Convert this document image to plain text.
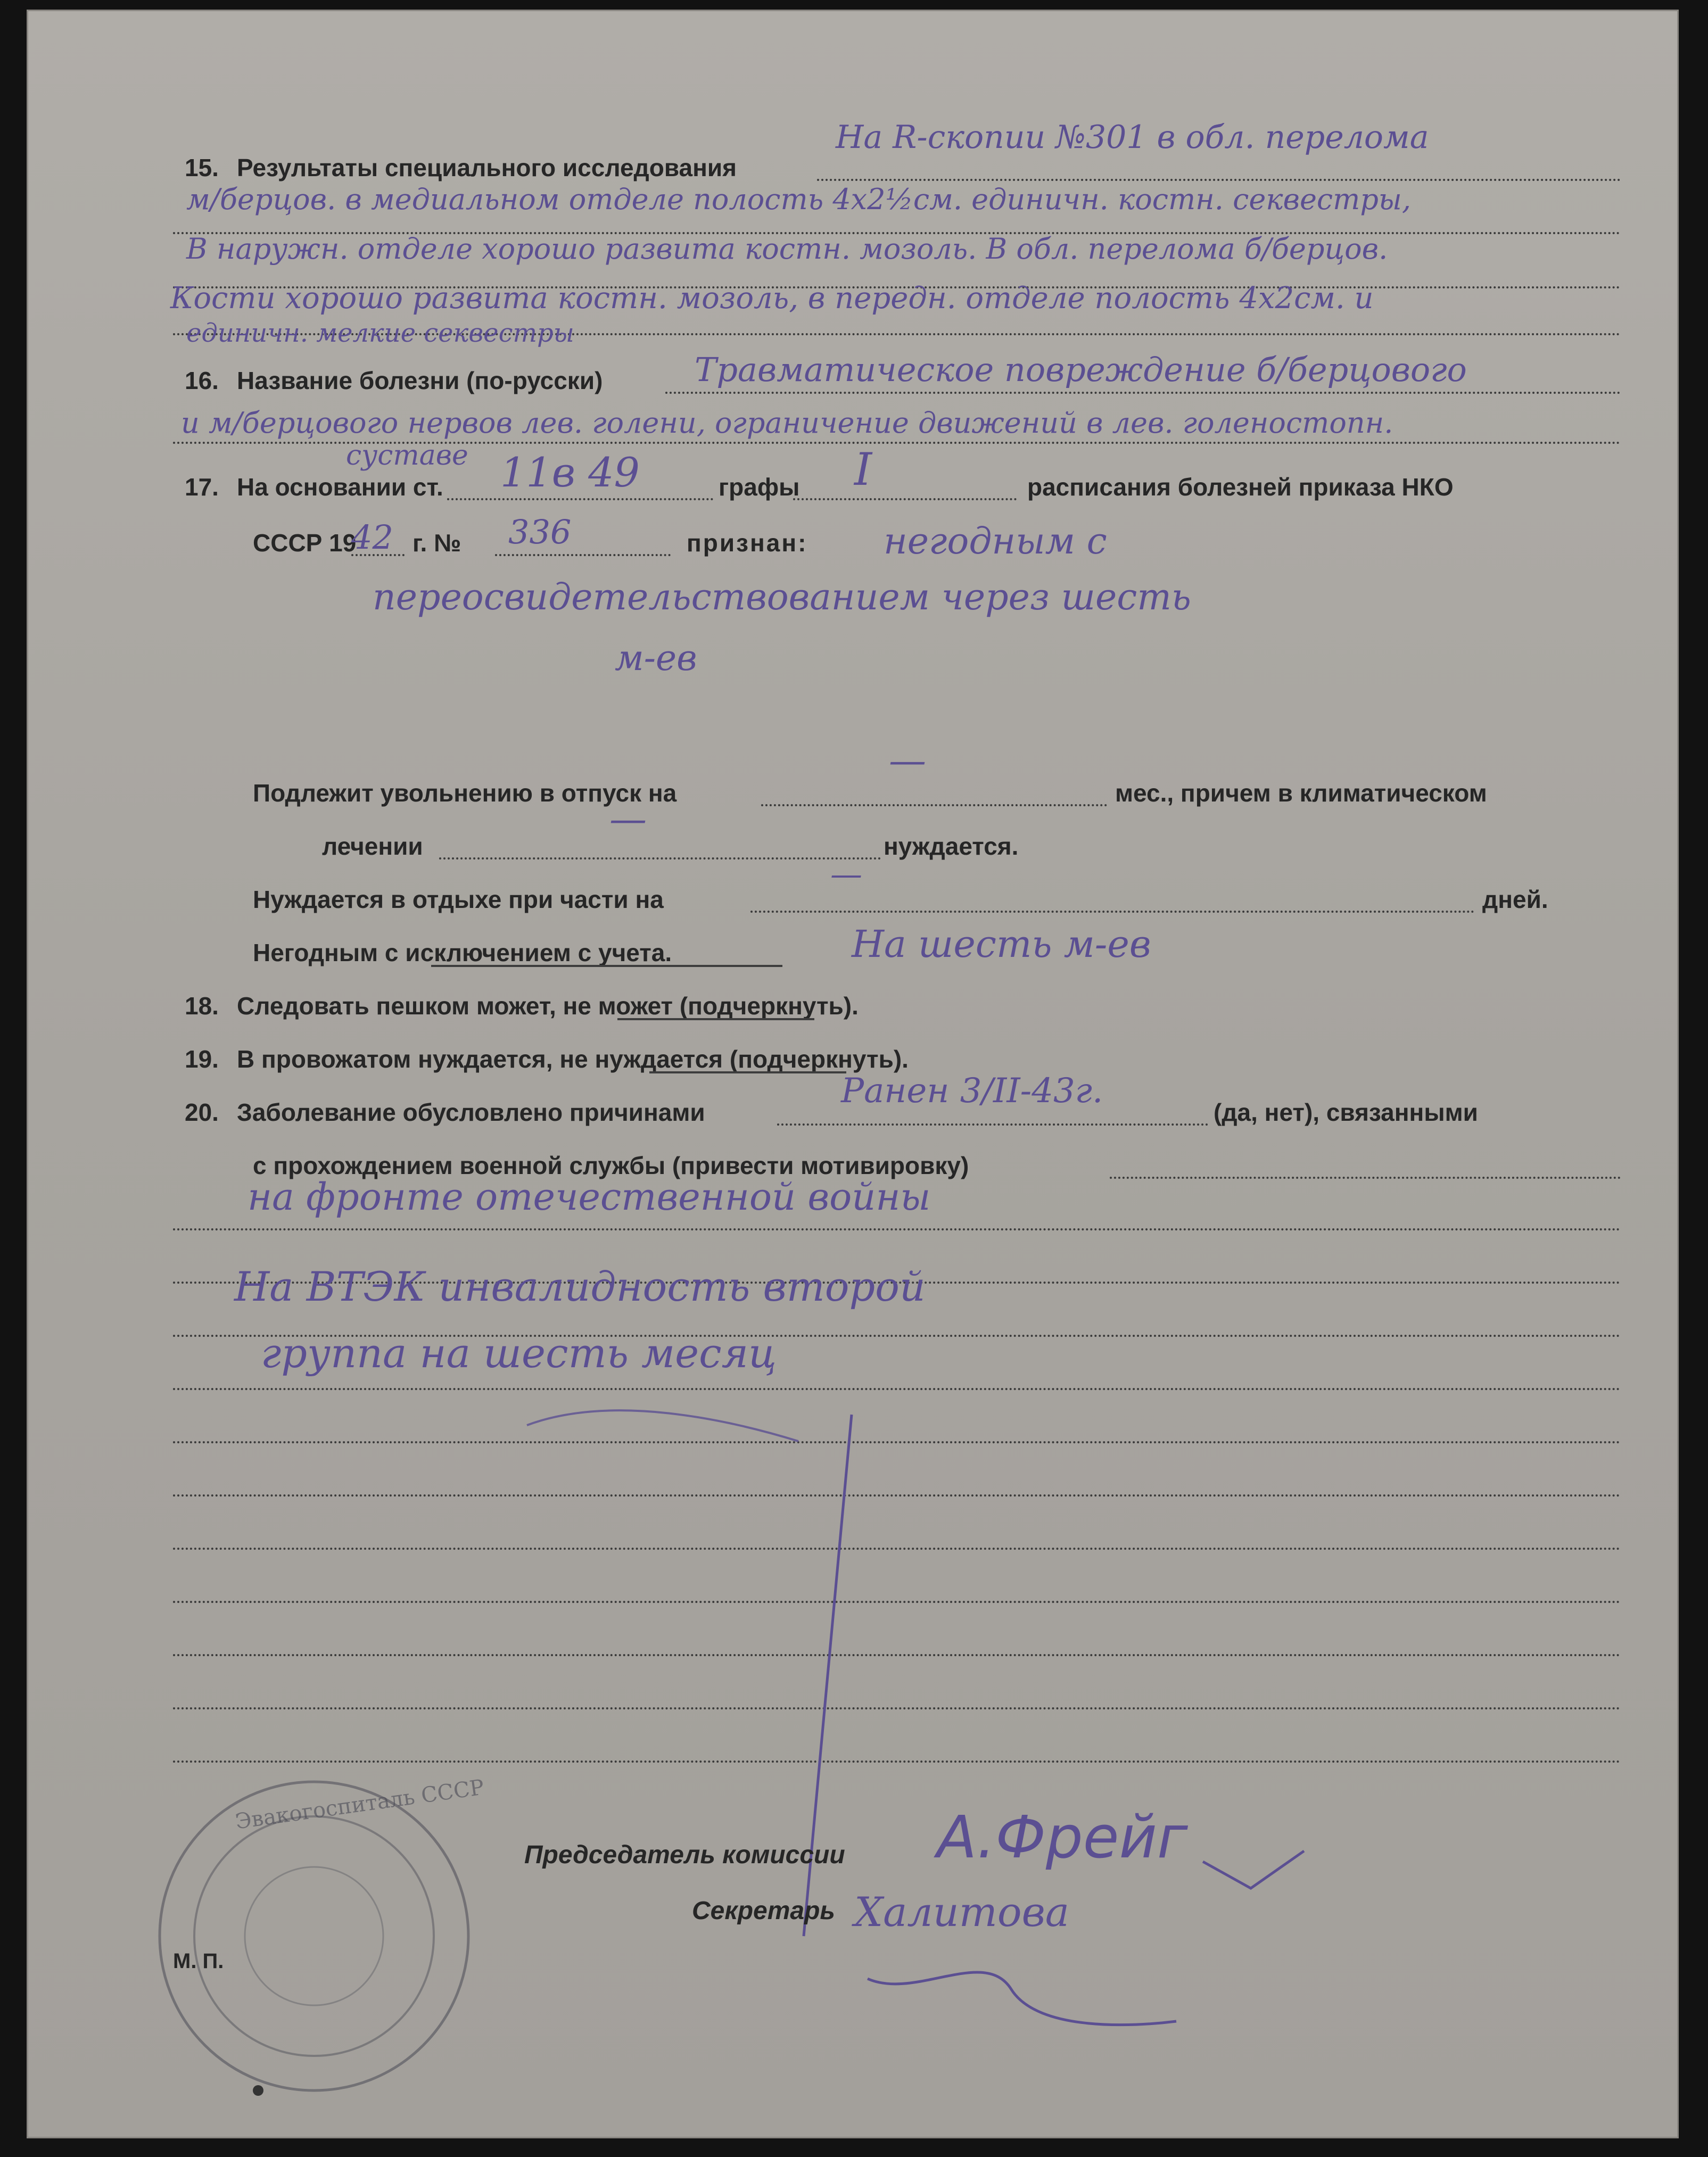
15. Результаты специального исследования
На R-скопии №301 в обл. перелома
м/берцов. в медиальном отделе полость 4х2½см. единичн. костн. секвестры,
В наружн. отделе хорошо развита костн. мозоль. В обл. перелома б/берцов.
Кости хорошо развита костн. мозоль, в передн. отделе полость 4х2см. и
единичн. мелкие секвестры
16. Название болезни (по-русски)	Травматическое повреждение б/берцового
и м/берцового нервов лев. голени, ограничение движений в лев. голеностопн.
суставе
17. На основании ст. 11в 49	графы I	расписания болезней приказа НКО
СССР 19
42 г. № 336	признан: негодным с
переосвидетельствованием через шесть
м-ев
Подлежит увольнению в отпуск на
—
мес., причем в климатическом
лечении
—
нуждается.
Нуждается в отдыхе при части на
—
дней.
Негодным с исключением с учета.	На шесть м-ев
18. Следовать пешком может, не может (подчеркнуть).
19. В провожатом нуждается, не нуждается (подчеркнуть).
20. Заболевание обусловлено причинами
Ранен 3/II-43г.
(да, нет), связанными
с прохождением военной службы (привести мотивировку)
на фронте отечественной войны
На ВТЭК инвалидность второй
группа на шесть месяц
Эвакогоспиталь СССР
М. П.
Председатель комиссии А.Фрейг
Секретарь Халитова
